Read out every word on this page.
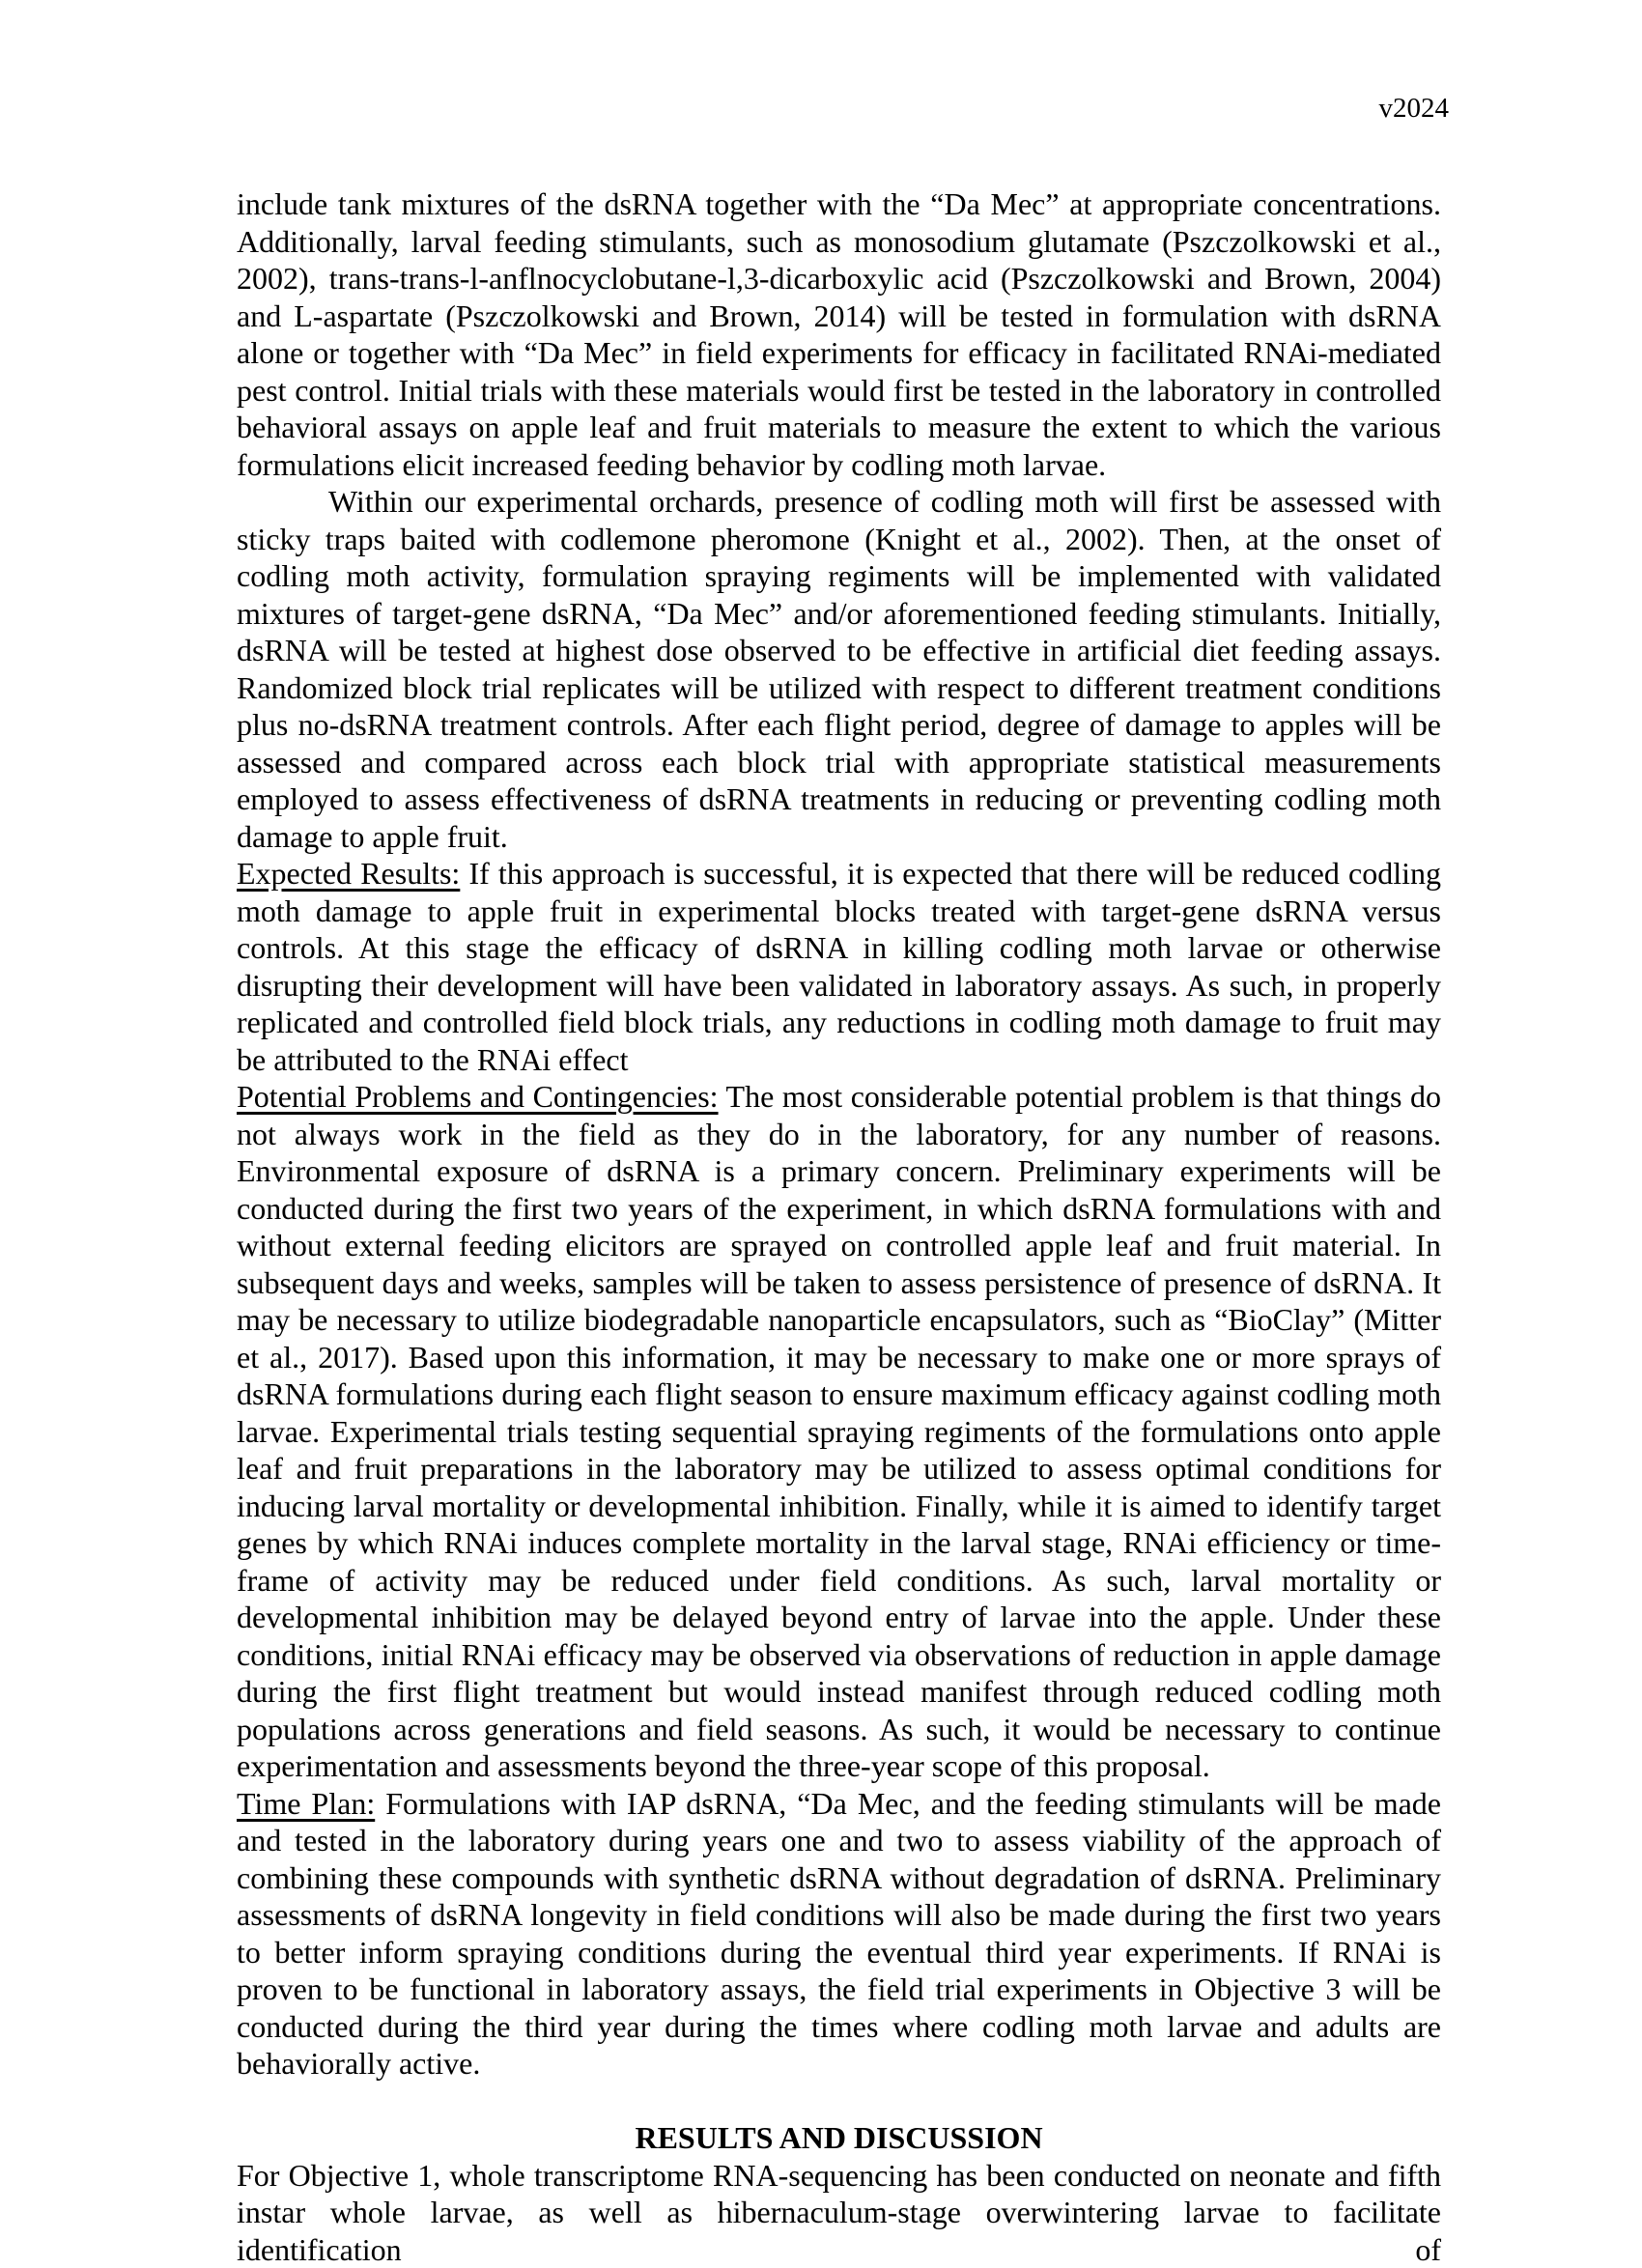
v2024

include tank mixtures of the dsRNA together with the “Da Mec” at appropriate concentrations. Additionally, larval feeding stimulants, such as monosodium glutamate (Pszczolkowski et al., 2002), trans-trans-l-anflnocyclobutane-l,3-dicarboxylic acid (Pszczolkowski and Brown, 2004) and L-aspartate (Pszczolkowski and Brown, 2014) will be tested in formulation with dsRNA alone or together with “Da Mec” in field experiments for efficacy in facilitated RNAi-mediated pest control. Initial trials with these materials would first be tested in the laboratory in controlled behavioral assays on apple leaf and fruit materials to measure the extent to which the various formulations elicit increased feeding behavior by codling moth larvae.

Within our experimental orchards, presence of codling moth will first be assessed with sticky traps baited with codlemone pheromone (Knight et al., 2002). Then, at the onset of codling moth activity, formulation spraying regiments will be implemented with validated mixtures of target-gene dsRNA, “Da Mec” and/or aforementioned feeding stimulants. Initially, dsRNA will be tested at highest dose observed to be effective in artificial diet feeding assays. Randomized block trial replicates will be utilized with respect to different treatment conditions plus no-dsRNA treatment controls. After each flight period, degree of damage to apples will be assessed and compared across each block trial with appropriate statistical measurements employed to assess effectiveness of dsRNA treatments in reducing or preventing codling moth damage to apple fruit.

Expected Results: If this approach is successful, it is expected that there will be reduced codling moth damage to apple fruit in experimental blocks treated with target-gene dsRNA versus controls. At this stage the efficacy of dsRNA in killing codling moth larvae or otherwise disrupting their development will have been validated in laboratory assays. As such, in properly replicated and controlled field block trials, any reductions in codling moth damage to fruit may be attributed to the RNAi effect

Potential Problems and Contingencies: The most considerable potential problem is that things do not always work in the field as they do in the laboratory, for any number of reasons. Environmental exposure of dsRNA is a primary concern. Preliminary experiments will be conducted during the first two years of the experiment, in which dsRNA formulations with and without external feeding elicitors are sprayed on controlled apple leaf and fruit material. In subsequent days and weeks, samples will be taken to assess persistence of presence of dsRNA. It may be necessary to utilize biodegradable nanoparticle encapsulators, such as “BioClay” (Mitter et al., 2017). Based upon this information, it may be necessary to make one or more sprays of dsRNA formulations during each flight season to ensure maximum efficacy against codling moth larvae. Experimental trials testing sequential spraying regiments of the formulations onto apple leaf and fruit preparations in the laboratory may be utilized to assess optimal conditions for inducing larval mortality or developmental inhibition. Finally, while it is aimed to identify target genes by which RNAi induces complete mortality in the larval stage, RNAi efficiency or time-frame of activity may be reduced under field conditions. As such, larval mortality or developmental inhibition may be delayed beyond entry of larvae into the apple. Under these conditions, initial RNAi efficacy may be observed via observations of reduction in apple damage during the first flight treatment but would instead manifest through reduced codling moth populations across generations and field seasons. As such, it would be necessary to continue experimentation and assessments beyond the three-year scope of this proposal.

Time Plan: Formulations with IAP dsRNA, “Da Mec, and the feeding stimulants will be made and tested in the laboratory during years one and two to assess viability of the approach of combining these compounds with synthetic dsRNA without degradation of dsRNA. Preliminary assessments of dsRNA longevity in field conditions will also be made during the first two years to better inform spraying conditions during the eventual third year experiments. If RNAi is proven to be functional in laboratory assays, the field trial experiments in Objective 3 will be conducted during the third year during the times where codling moth larvae and adults are behaviorally active.

RESULTS AND DISCUSSION

For Objective 1, whole transcriptome RNA-sequencing has been conducted on neonate and fifth instar whole larvae, as well as hibernaculum-stage overwintering larvae to facilitate identification of
